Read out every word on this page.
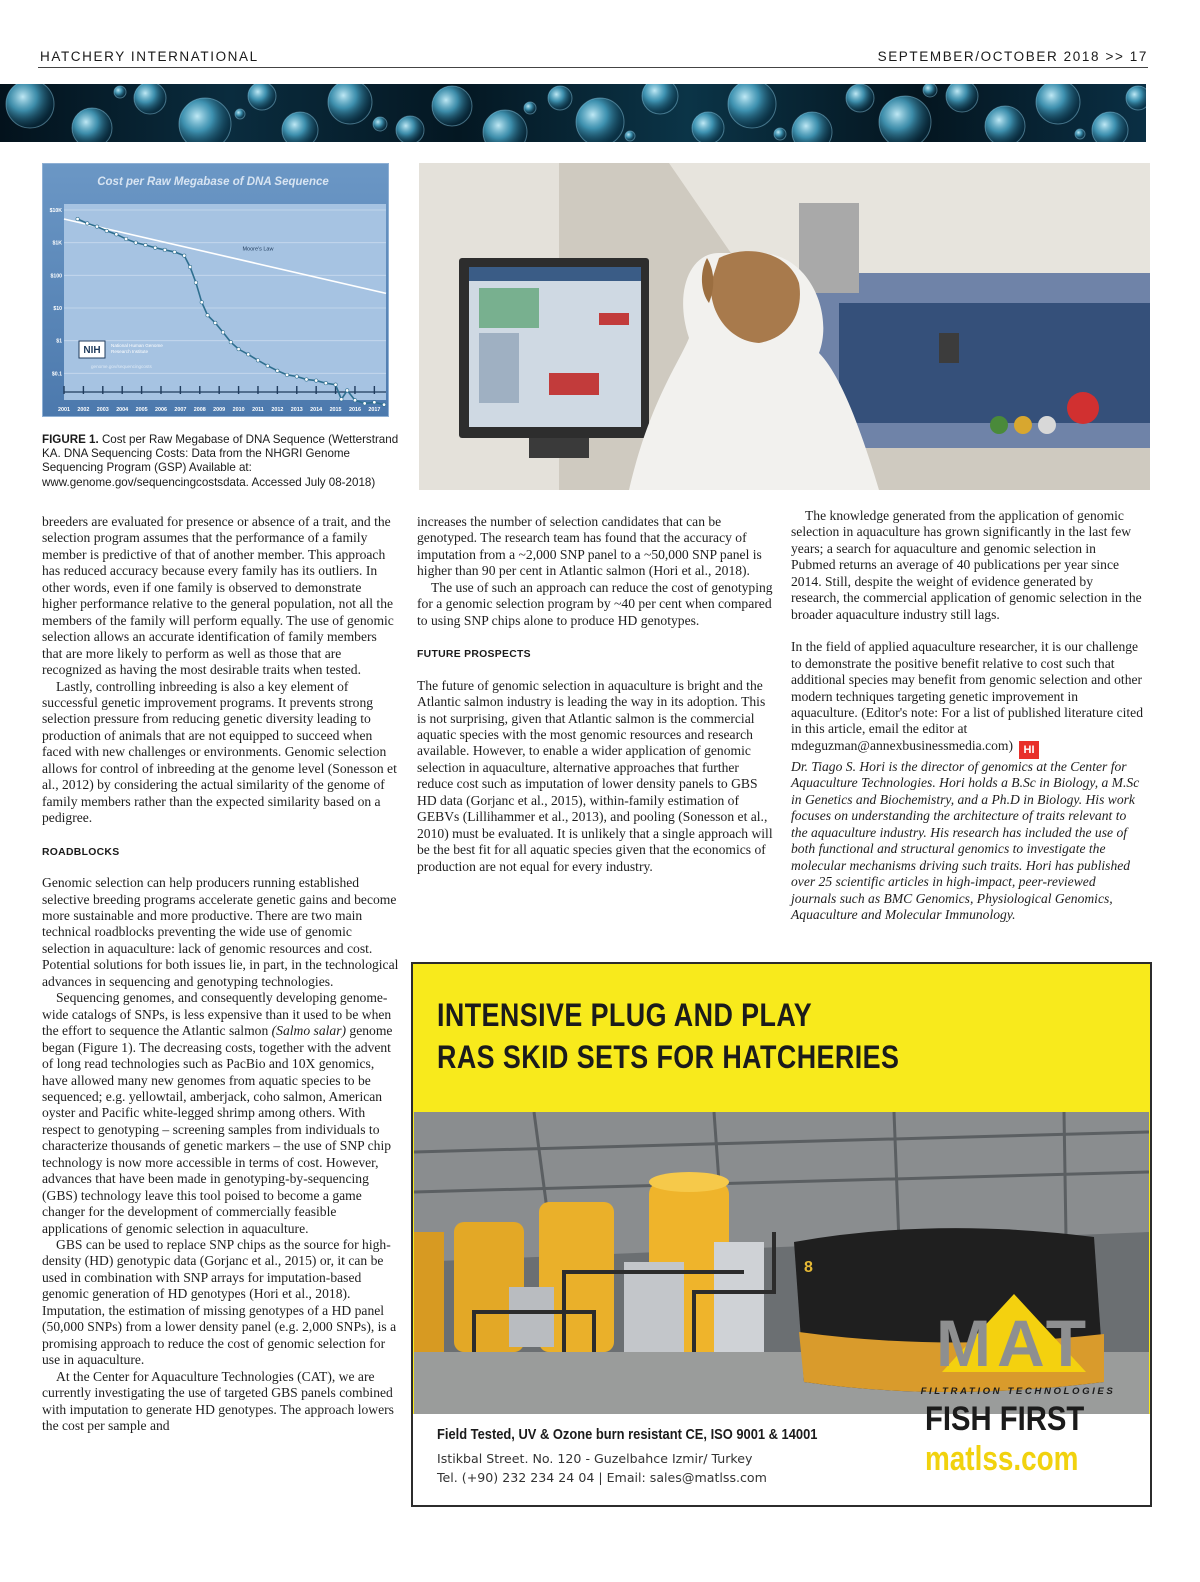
HATCHERY INTERNATIONAL	SEPTEMBER/OCTOBER 2018 >> 17
Cost per Raw Megabase of DNA Sequence
$10K
$1K
$100
$10
$1
$0.1
2001 2002 2003 2004 2005 2006 2007 2008 2009 2010 2011 2012 2013 2014 2015 2016 2017
Moore's Law
NIH National Human Genome
Research Institute
genome.gov/sequencingcosts
FIGURE 1. Cost per Raw Megabase of DNA Sequence (Wetterstrand KA. DNA Sequencing Costs: Data from the NHGRI Genome Sequencing Program (GSP) Available at: www.genome.gov/sequencingcostsdata. Accessed July 08-2018)

breeders are evaluated for presence or absence of a trait, and the selection program assumes that the performance of a family member is predictive of that of another member. This approach has reduced accuracy because every family has its outliers. In other words, even if one family is observed to demonstrate higher performance relative to the general population, not all the members of the family will perform equally. The use of genomic selection allows an accurate identification of family members that are more likely to perform as well as those that are recognized as having the most desirable traits when tested.

Lastly, controlling inbreeding is also a key element of successful genetic improvement programs. It prevents strong selection pressure from reducing genetic diversity leading to production of animals that are not equipped to succeed when faced with new challenges or environments. Genomic selection allows for control of inbreeding at the genome level (Sonesson et al., 2012) by considering the actual similarity of the genome of family members rather than the expected similarity based on a pedigree.

ROADBLOCKS

Genomic selection can help producers running established selective breeding programs accelerate genetic gains and become more sustainable and more productive. There are two main technical roadblocks preventing the wide use of genomic selection in aquaculture: lack of genomic resources and cost. Potential solutions for both issues lie, in part, in the technological advances in sequencing and genotyping technologies.

Sequencing genomes, and consequently developing genome-wide catalogs of SNPs, is less expensive than it used to be when the effort to sequence the Atlantic salmon (Salmo salar) genome began (Figure 1). The decreasing costs, together with the advent of long read technologies such as PacBio and 10X genomics, have allowed many new genomes from aquatic species to be sequenced; e.g. yellowtail, amberjack, coho salmon, American oyster and Pacific white-legged shrimp among others. With respect to genotyping – screening samples from individuals to characterize thousands of genetic markers – the use of SNP chip technology is now more accessible in terms of cost. However, advances that have been made in genotyping-by-sequencing (GBS) technology leave this tool poised to become a game changer for the development of commercially feasible applications of genomic selection in aquaculture.

GBS can be used to replace SNP chips as the source for high-density (HD) genotypic data (Gorjanc et al., 2015) or, it can be used in combination with SNP arrays for imputation-based genomic generation of HD genotypes (Hori et al., 2018). Imputation, the estimation of missing genotypes of a HD panel (50,000 SNPs) from a lower density panel (e.g. 2,000 SNPs), is a promising approach to reduce the cost of genomic selection for use in aquaculture.

At the Center for Aquaculture Technologies (CAT), we are currently investigating the use of targeted GBS panels combined with imputation to generate HD genotypes. The approach lowers the cost per sample and

increases the number of selection candidates that can be genotyped. The research team has found that the accuracy of imputation from a ~2,000 SNP panel to a ~50,000 SNP panel is higher than 90 per cent in Atlantic salmon (Hori et al., 2018).

The use of such an approach can reduce the cost of genotyping for a genomic selection program by ~40 per cent when compared to using SNP chips alone to produce HD genotypes.

FUTURE PROSPECTS

The future of genomic selection in aquaculture is bright and the Atlantic salmon industry is leading the way in its adoption. This is not surprising, given that Atlantic salmon is the commercial aquatic species with the most genomic resources and research available. However, to enable a wider application of genomic selection in aquaculture, alternative approaches that further reduce cost such as imputation of lower density panels to GBS HD data (Gorjanc et al., 2015), within-family estimation of GEBVs (Lillihammer et al., 2013), and pooling (Sonesson et al., 2010) must be evaluated. It is unlikely that a single approach will be the best fit for all aquatic species given that the economics of production are not equal for every industry.

The knowledge generated from the application of genomic selection in aquaculture has grown significantly in the last few years; a search for aquaculture and genomic selection in Pubmed returns an average of 40 publications per year since 2014. Still, despite the weight of evidence generated by research, the commercial application of genomic selection in the broader aquaculture industry still lags.

In the field of applied aquaculture researcher, it is our challenge to demonstrate the positive benefit relative to cost such that additional species may benefit from genomic selection and other modern techniques targeting genetic improvement in aquaculture. (Editor's note: For a list of published literature cited in this article, email the editor at mdeguzman@annexbusinessmedia.com) HI

Dr. Tiago S. Hori is the director of genomics at the Center for Aquaculture Technologies. Hori holds a B.Sc in Biology, a M.Sc in Genetics and Biochemistry, and a Ph.D in Biology. His work focuses on understanding the architecture of traits relevant to the aquaculture industry. His research has included the use of both functional and structural genomics to investigate the molecular mechanisms driving such traits. Hori has published over 25 scientific articles in high-impact, peer-reviewed journals such as BMC Genomics, Physiological Genomics, Aquaculture and Molecular Immunology.

INTENSIVE PLUG AND PLAY
RAS SKID SETS FOR HATCHERIES
8
MAT
FILTRATION TECHNOLOGIES
Field Tested, UV & Ozone burn resistant CE, ISO 9001 & 14001
Istikbal Street. No. 120 - Guzelbahce Izmir/ Turkey
Tel. (+90) 232 234 24 04 | Email: sales@matlss.com
FISH FIRST
matlss.com
